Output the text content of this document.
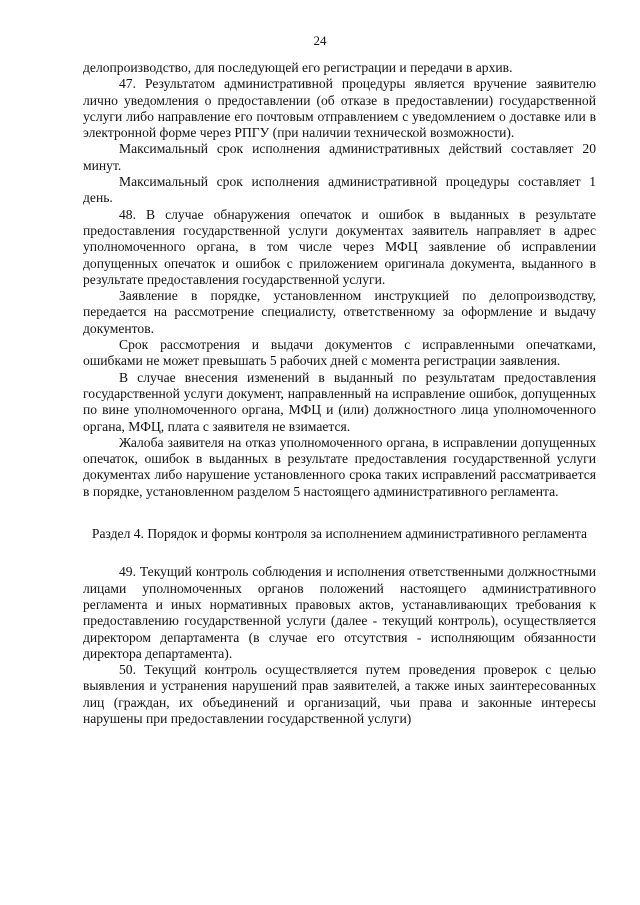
24

делопроизводство, для последующей его регистрации и передачи в архив.

47. Результатом административной процедуры является вручение заявителю лично уведомления о предоставлении (об отказе в предоставлении) государственной услуги либо направление его почтовым отправлением с уведомлением о доставке или в электронной форме через РПГУ (при наличии технической возможности).

Максимальный срок исполнения административных действий составляет 20 минут.

Максимальный срок исполнения административной процедуры составляет 1 день.

48. В случае обнаружения опечаток и ошибок в выданных в результате предоставления государственной услуги документах заявитель направляет в адрес уполномоченного органа, в том числе через МФЦ заявление об исправлении допущенных опечаток и ошибок с приложением оригинала документа, выданного в результате предоставления государственной услуги.

Заявление в порядке, установленном инструкцией по делопроизводству, передается на рассмотрение специалисту, ответственному за оформление и выдачу документов.

Срок рассмотрения и выдачи документов с исправленными опечатками, ошибками не может превышать 5 рабочих дней с момента регистрации заявления.

В случае внесения изменений в выданный по результатам предоставления государственной услуги документ, направленный на исправление ошибок, допущенных по вине уполномоченного органа, МФЦ и (или) должностного лица уполномоченного органа, МФЦ, плата с заявителя не взимается.

Жалоба заявителя на отказ уполномоченного органа, в исправлении допущенных опечаток, ошибок в выданных в результате предоставления государственной услуги документах либо нарушение установленного срока таких исправлений рассматривается в порядке, установленном разделом 5 настоящего административного регламента.

Раздел 4. Порядок и формы контроля за исполнением административного регламента

49. Текущий контроль соблюдения и исполнения ответственными должностными лицами уполномоченных органов положений настоящего административного регламента и иных нормативных правовых актов, устанавливающих требования к предоставлению государственной услуги (далее - текущий контроль), осуществляется директором департамента (в случае его отсутствия - исполняющим обязанности директора департамента).

50. Текущий контроль осуществляется путем проведения проверок с целью выявления и устранения нарушений прав заявителей, а также иных заинтересованных лиц (граждан, их объединений и организаций, чьи права и законные интересы нарушены при предоставлении государственной услуги)
